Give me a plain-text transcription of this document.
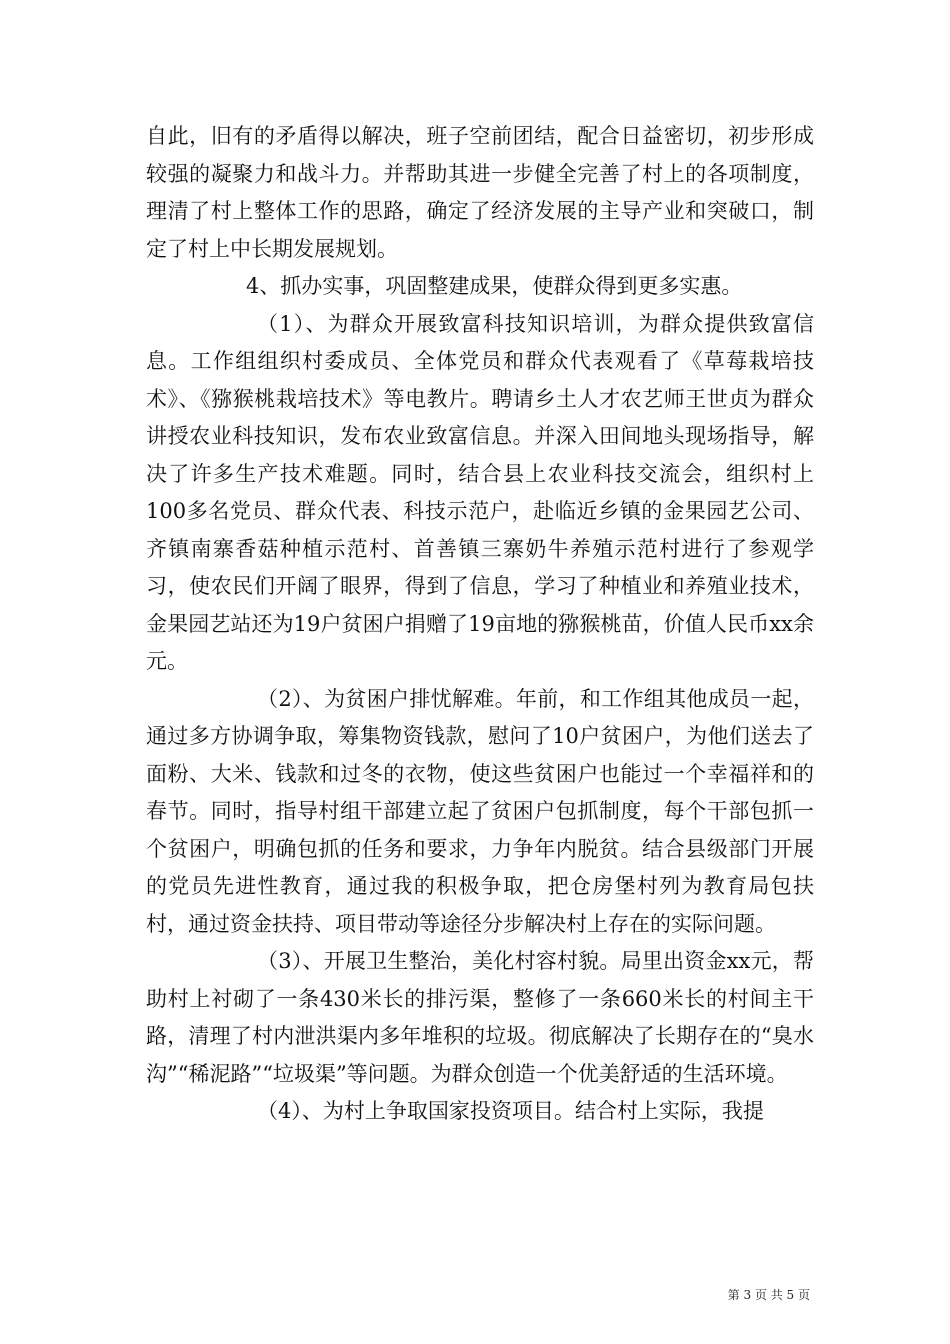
自此，旧有的矛盾得以解决，班子空前团结，配合日益密切，初步形成较强的凝聚力和战斗力。并帮助其进一步健全完善了村上的各项制度，理清了村上整体工作的思路，确定了经济发展的主导产业和突破口，制定了村上中长期发展规划。

4、抓办实事，巩固整建成果，使群众得到更多实惠。

（1）、为群众开展致富科技知识培训，为群众提供致富信息。工作组组织村委成员、全体党员和群众代表观看了《草莓栽培技术》、《猕猴桃栽培技术》等电教片。聘请乡土人才农艺师王世贞为群众讲授农业科技知识，发布农业致富信息。并深入田间地头现场指导，解决了许多生产技术难题。同时，结合县上农业科技交流会，组织村上100多名党员、群众代表、科技示范户，赴临近乡镇的金果园艺公司、齐镇南寨香菇种植示范村、首善镇三寨奶牛养殖示范村进行了参观学习，使农民们开阔了眼界，得到了信息，学习了种植业和养殖业技术，金果园艺站还为19户贫困户捐赠了19亩地的猕猴桃苗，价值人民币xx余元。

（2）、为贫困户排忧解难。年前，和工作组其他成员一起，通过多方协调争取，筹集物资钱款，慰问了10户贫困户，为他们送去了面粉、大米、钱款和过冬的衣物，使这些贫困户也能过一个幸福祥和的春节。同时，指导村组干部建立起了贫困户包抓制度，每个干部包抓一个贫困户，明确包抓的任务和要求，力争年内脱贫。结合县级部门开展的党员先进性教育，通过我的积极争取，把仓房堡村列为教育局包扶村，通过资金扶持、项目带动等途径分步解决村上存在的实际问题。

（3）、开展卫生整治，美化村容村貌。局里出资金xx元，帮助村上衬砌了一条430米长的排污渠，整修了一条660米长的村间主干路，清理了村内泄洪渠内多年堆积的垃圾。彻底解决了长期存在的“臭水沟”“稀泥路”“垃圾渠”等问题。为群众创造一个优美舒适的生活环境。

（4）、为村上争取国家投资项目。结合村上实际，我提

第 3 页 共 5 页
